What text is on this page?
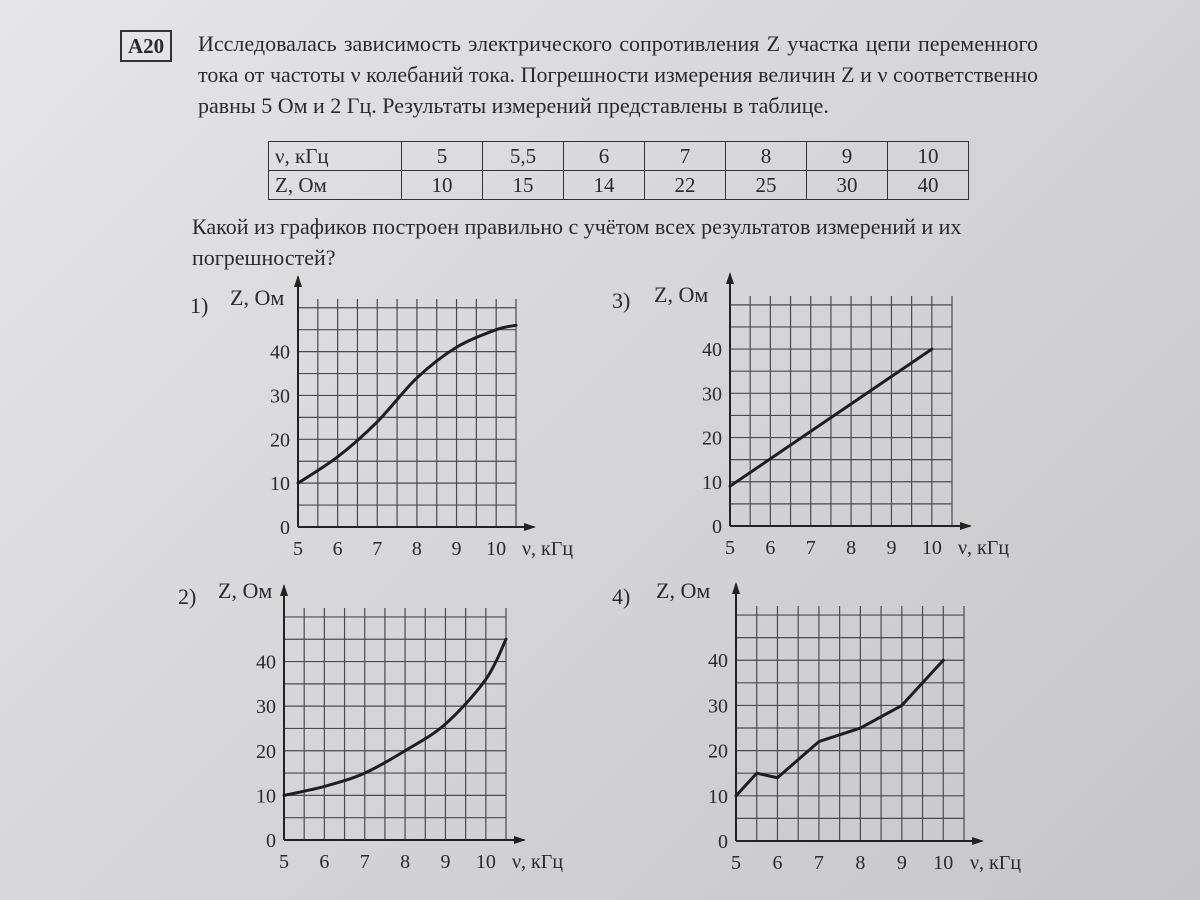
A20	Исследовалась зависимость электрического сопротивления Z участка цепи переменного тока от частоты ν колебаний тока. Погрешности измерения величин Z и ν соответственно равны 5 Ом и 2 Гц. Результаты измерений представлены в таблице.

ν, кГц	5	5,5	6	7	8	9	10
Z, Ом	10	15	14	22	25	30	40

Какой из графиков построен правильно с учётом всех результатов измерений и их погрешностей?

1) Z, Ом
5 6 7 8 9 10
0
10
20
30
40
ν, кГц
2) Z, Ом
5 6 7 8 9 10
0
10
20
30
40
ν, кГц
3) Z, Ом
5 6 7 8 9 10
0
10
20
30
40
ν, кГц
4) Z, Ом
5 6 7 8 9 10
0
10
20
30
40
ν, кГц
